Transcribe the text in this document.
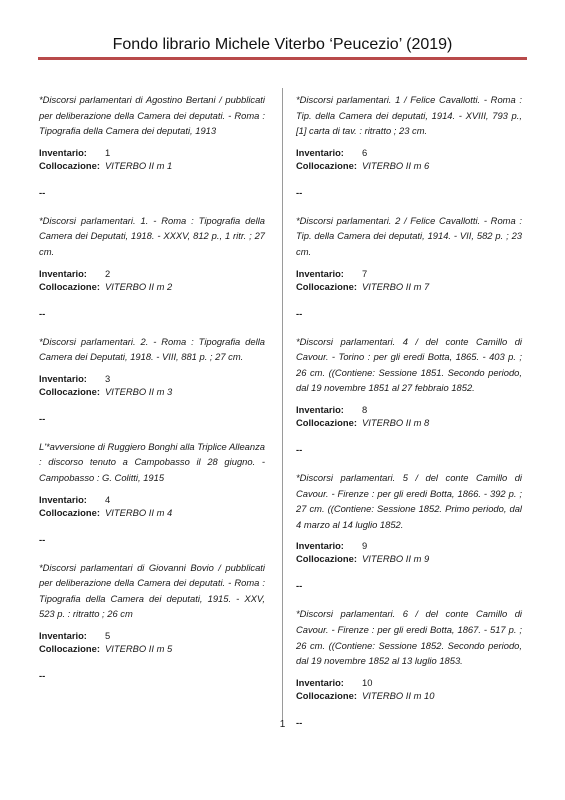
Fondo librario Michele Viterbo ‘Peucezio’ (2019)

*Discorsi parlamentari di Agostino Bertani / pubblicati per deliberazione della Camera dei deputati. - Roma : Tipografia della Camera dei deputati, 1913

Inventario: 1
Collocazione: VITERBO II m 1
--

*Discorsi parlamentari. 1. - Roma : Tipografia della Camera dei Deputati, 1918. - XXXV, 812 p., 1 ritr. ; 27 cm.

Inventario: 2
Collocazione: VITERBO II m 2
--

*Discorsi parlamentari. 2. - Roma : Tipografia della Camera dei Deputati, 1918. - VIII, 881 p. ; 27 cm.

Inventario: 3
Collocazione: VITERBO II m 3
--

L'*avversione di Ruggiero Bonghi alla Triplice Alleanza : discorso tenuto a Campobasso il 28 giugno. - Campobasso : G. Colitti, 1915

Inventario: 4
Collocazione: VITERBO II m 4
--

*Discorsi parlamentari di Giovanni Bovio / pubblicati per deliberazione della Camera dei deputati. - Roma : Tipografia della Camera dei deputati, 1915. - XXV, 523 p. : ritratto ; 26 cm

Inventario: 5
Collocazione: VITERBO II m 5
--

*Discorsi parlamentari. 1 / Felice Cavallotti. - Roma : Tip. della Camera dei deputati, 1914. - XVIII, 793 p., [1] carta di tav. : ritratto ; 23 cm.

Inventario: 6
Collocazione: VITERBO II m 6
--

*Discorsi parlamentari. 2 / Felice Cavallotti. - Roma : Tip. della Camera dei deputati, 1914. - VII, 582 p. ; 23 cm.

Inventario: 7
Collocazione: VITERBO II m 7
--

*Discorsi parlamentari. 4 / del conte Camillo di Cavour. - Torino : per gli eredi Botta, 1865. - 403 p. ; 26 cm. ((Contiene: Sessione 1851. Secondo periodo, dal 19 novembre 1851 al 27 febbraio 1852.

Inventario: 8
Collocazione: VITERBO II m 8
--

*Discorsi parlamentari. 5 / del conte Camillo di Cavour. - Firenze : per gli eredi Botta, 1866. - 392 p. ; 27 cm. ((Contiene: Sessione 1852. Primo periodo, dal 4 marzo al 14 luglio 1852.

Inventario: 9
Collocazione: VITERBO II m 9
--

*Discorsi parlamentari. 6 / del conte Camillo di Cavour. - Firenze : per gli eredi Botta, 1867. - 517 p. ; 26 cm. ((Contiene: Sessione 1852. Secondo periodo, dal 19 novembre 1852 al 13 luglio 1853.

Inventario: 10
Collocazione: VITERBO II m 10
--
1
